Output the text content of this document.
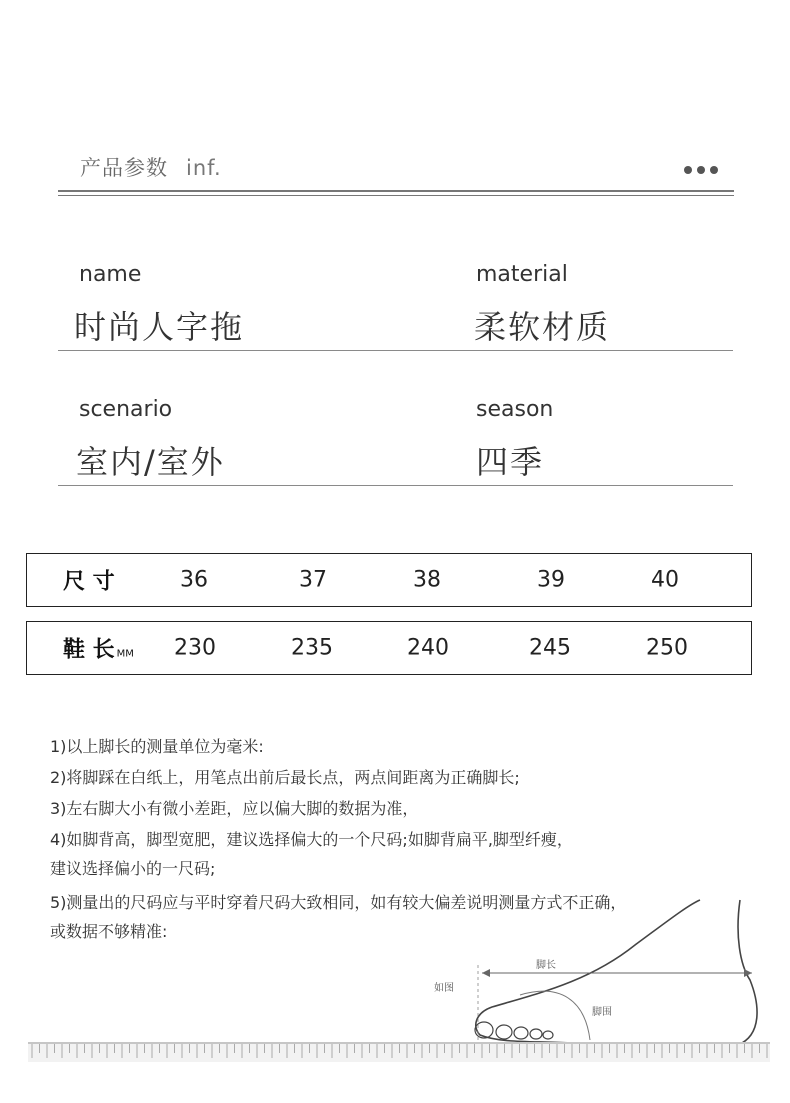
产品参数 inf.
name
时尚人字拖
material
柔软材质
scenario
室内/室外
season
四季
尺 寸	36	37	38	39	40
鞋 长 MM 230	235	240	245	250
1)以上脚长的测量单位为毫米:
2)将脚踩在白纸上，用笔点出前后最长点，两点间距离为正确脚长;
3)左右脚大小有微小差距，应以偏大脚的数据为准，
4)如脚背高，脚型宽肥，建议选择偏大的一个尺码;如脚背扁平,脚型纤瘦，
建议选择偏小的一尺码;
5)测量出的尺码应与平时穿着尺码大致相同，如有较大偏差说明测量方式不正确，
或数据不够精准:
脚长
脚围
如图
